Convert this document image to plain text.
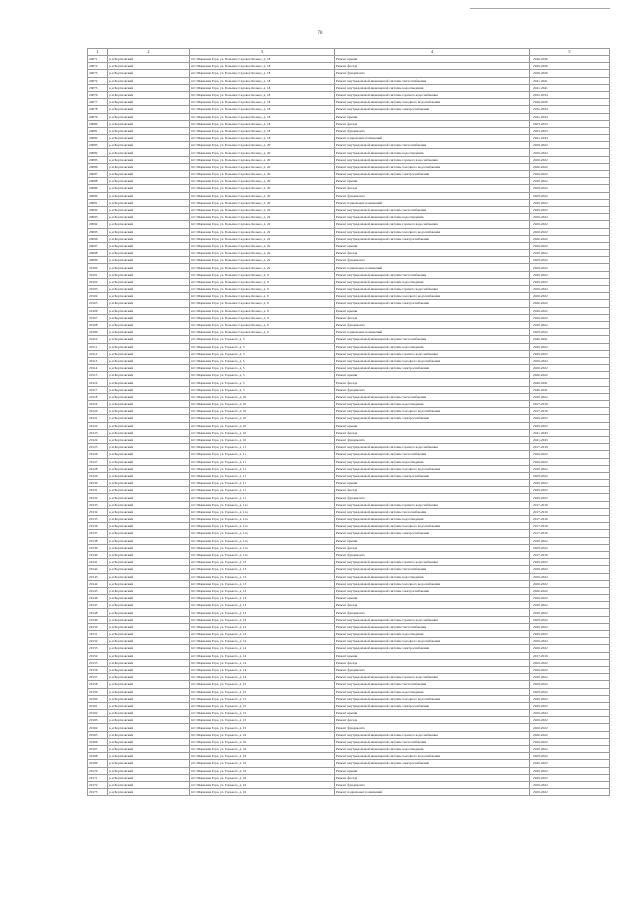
78
1	2	3	4	5
20071	р-н Бортновский	пгт Шарковая Гора, ул. Большое Садовое Кольцо, д. 18	Ремонт крыши	2046-2046
20072	р-н Бортновский	пгт Шарковая Гора, ул. Большое Садовое Кольцо, д. 18	Ремонт фасада	2026-2026
20073	р-н Бортновский	пгт Шарковая Гора, ул. Большое Садовое Кольцо, д. 18	Ремонт фундамента	2026-2026
20074	р-н Бортновский	пгт Шарковая Гора, ул. Большое Садовое Кольцо, д. 18	Ремонт внутридомовой инженерной системы теплоснабжения	2041-2041
20075	р-н Бортновский	пгт Шарковая Гора, ул. Большое Садовое Кольцо, д. 18	Ремонт внутридомовой инженерной системы водоотведения	2041-2041
20076	р-н Бортновский	пгт Шарковая Гора, ул. Большое Садовое Кольцо, д. 18	Ремонт внутридомовой инженерной системы горячего водоснабжения	2032-2034
20077	р-н Бортновский	пгт Шарковая Гора, ул. Большое Садовое Кольцо, д. 18	Ремонт внутридомовой инженерной системы холодного водоснабжения	2026-2026
20078	р-н Бортновский	пгт Шарковая Гора, ул. Большое Садовое Кольцо, д. 18	Ремонт внутридомовой инженерной системы электроснабжения	2032-2034
20079	р-н Бортновский	пгт Шарковая Гора, ул. Большое Садовое Кольцо, д. 18	Ремонт крыши	2041-2043
20080	р-н Бортновский	пгт Шарковая Гора, ул. Большое Садовое Кольцо, д. 18	Ремонт фасада	2023-2023
20081	р-н Бортновский	пгт Шарковая Гора, ул. Большое Садовое Кольцо, д. 18	Ремонт фундамента	2023-2023
20082	р-н Бортновский	пгт Шарковая Гора, ул. Большое Садовое Кольцо, д. 18	Ремонт подвальных помещений	2041-2043
20083	р-н Бортновский	пгт Шарковая Гора, ул. Большое Садовое Кольцо, д. 20	Ремонт внутридомовой инженерной системы теплоснабжения	2020-2022
20084	р-н Бортновский	пгт Шарковая Гора, ул. Большое Садовое Кольцо, д. 20	Ремонт внутридомовой инженерной системы водоотведения	2020-2022
20085	р-н Бортновский	пгт Шарковая Гора, ул. Большое Садовое Кольцо, д. 20	Ремонт внутридомовой инженерной системы горячего водоснабжения	2020-2022
20086	р-н Бортновский	пгт Шарковая Гора, ул. Большое Садовое Кольцо, д. 20	Ремонт внутридомовой инженерной системы холодного водоснабжения	2020-2022
20087	р-н Бортновский	пгт Шарковая Гора, ул. Большое Садовое Кольцо, д. 20	Ремонт внутридомовой инженерной системы электроснабжения	2020-2022
20088	р-н Бортновский	пгт Шарковая Гора, ул. Большое Садовое Кольцо, д. 20	Ремонт крыши	2020-2022
20089	р-н Бортновский	пгт Шарковая Гора, ул. Большое Садовое Кольцо, д. 20	Ремонт фасада	2020-2022
20090	р-н Бортновский	пгт Шарковая Гора, ул. Большое Садовое Кольцо, д. 20	Ремонт фундамента	2020-2022
20091	р-н Бортновский	пгт Шарковая Гора, ул. Большое Садовое Кольцо, д. 20	Ремонт подвальных помещений	2020-2022
20092	р-н Бортновский	пгт Шарковая Гора, ул. Большое Садовое Кольцо, д. 22	Ремонт внутридомовой инженерной системы теплоснабжения	2020-2022
20093	р-н Бортновский	пгт Шарковая Гора, ул. Большое Садовое Кольцо, д. 22	Ремонт внутридомовой инженерной системы водоотведения	2020-2022
20094	р-н Бортновский	пгт Шарковая Гора, ул. Большое Садовое Кольцо, д. 22	Ремонт внутридомовой инженерной системы горячего водоснабжения	2020-2022
20095	р-н Бортновский	пгт Шарковая Гора, ул. Большое Садовое Кольцо, д. 22	Ремонт внутридомовой инженерной системы холодного водоснабжения	2020-2022
20096	р-н Бортновский	пгт Шарковая Гора, ул. Большое Садовое Кольцо, д. 22	Ремонт внутридомовой инженерной системы электроснабжения	2020-2022
20097	р-н Бортновский	пгт Шарковая Гора, ул. Большое Садовое Кольцо, д. 22	Ремонт крыши	2020-2022
20098	р-н Бортновский	пгт Шарковая Гора, ул. Большое Садовое Кольцо, д. 22	Ремонт фасада	2020-2022
20099	р-н Бортновский	пгт Шарковая Гора, ул. Большое Садовое Кольцо, д. 22	Ремонт фундамента	2020-2022
20100	р-н Бортновский	пгт Шарковая Гора, ул. Большое Садовое Кольцо, д. 22	Ремонт подвальных помещений	2020-2022
20101	р-н Бортновский	пгт Шарковая Гора, ул. Большое Садовое Кольцо, д. 9	Ремонт внутридомовой инженерной системы теплоснабжения	2020-2022
20102	р-н Бортновский	пгт Шарковая Гора, ул. Большое Садовое Кольцо, д. 9	Ремонт внутридомовой инженерной системы водоотведения	2020-2022
20103	р-н Бортновский	пгт Шарковая Гора, ул. Большое Садовое Кольцо, д. 9	Ремонт внутридомовой инженерной системы горячего водоснабжения	2020-2022
20104	р-н Бортновский	пгт Шарковая Гора, ул. Большое Садовое Кольцо, д. 9	Ремонт внутридомовой инженерной системы холодного водоснабжения	2020-2022
20105	р-н Бортновский	пгт Шарковая Гора, ул. Большое Садовое Кольцо, д. 9	Ремонт внутридомовой инженерной системы электроснабжения	2020-2022
20106	р-н Бортновский	пгт Шарковая Гора, ул. Большое Садовое Кольцо, д. 9	Ремонт крыши	2020-2022
20107	р-н Бортновский	пгт Шарковая Гора, ул. Большое Садовое Кольцо, д. 9	Ремонт фасада	2020-2022
20108	р-н Бортновский	пгт Шарковая Гора, ул. Большое Садовое Кольцо, д. 9	Ремонт фундамента	2020-2022
20109	р-н Бортновский	пгт Шарковая Гора, ул. Большое Садовое Кольцо, д. 9	Ремонт подвальных помещений	2020-2022
20110	р-н Бортновский	пгт Шарковая Гора, ул. Горького, д. 5	Ремонт внутридомовой инженерной системы теплоснабжения	2040-2041
20111	р-н Бортновский	пгт Шарковая Гора, ул. Горького, д. 5	Ремонт внутридомовой инженерной системы водоотведения	2020-2022
20112	р-н Бортновский	пгт Шарковая Гора, ул. Горького, д. 5	Ремонт внутридомовой инженерной системы горячего водоснабжения	2020-2022
20113	р-н Бортновский	пгт Шарковая Гора, ул. Горького, д. 5	Ремонт внутридомовой инженерной системы холодного водоснабжения	2020-2022
20114	р-н Бортновский	пгт Шарковая Гора, ул. Горького, д. 5	Ремонт внутридомовой инженерной системы электроснабжения	2020-2022
20115	р-н Бортновский	пгт Шарковая Гора, ул. Горького, д. 5	Ремонт крыши	2020-2022
20116	р-н Бортновский	пгт Шарковая Гора, ул. Горького, д. 5	Ремонт фасада	2040-2041
20117	р-н Бортновский	пгт Шарковая Гора, ул. Горького, д. 5	Ремонт фундамента	2040-2041
20118	р-н Бортновский	пгт Шарковая Гора, ул. Горького, д. 10	Ремонт внутридомовой инженерной системы теплоснабжения	2020-2022
20119	р-н Бортновский	пгт Шарковая Гора, ул. Горького, д. 10	Ремонт внутридомовой инженерной системы водоотведения	2017-2019
20120	р-н Бортновский	пгт Шарковая Гора, ул. Горького, д. 10	Ремонт внутридомовой инженерной системы холодного водоснабжения	2017-2019
20121	р-н Бортновский	пгт Шарковая Гора, ул. Горького, д. 10	Ремонт внутридомовой инженерной системы электроснабжения	2020-2022
20122	р-н Бортновский	пгт Шарковая Гора, ул. Горького, д. 10	Ремонт крыши	2020-2022
20123	р-н Бортновский	пгт Шарковая Гора, ул. Горького, д. 10	Ремонт фасада	2041-2043
20124	р-н Бортновский	пгт Шарковая Гора, ул. Горького, д. 10	Ремонт фундамента	2041-2043
20125	р-н Бортновский	пгт Шарковая Гора, ул. Горького, д. 11	Ремонт внутридомовой инженерной системы горячего водоснабжения	2017-2019
20126	р-н Бортновский	пгт Шарковая Гора, ул. Горького, д. 11	Ремонт внутридомовой инженерной системы теплоснабжения	2020-2022
20127	р-н Бортновский	пгт Шарковая Гора, ул. Горького, д. 11	Ремонт внутридомовой инженерной системы водоотведения	2020-2022
20128	р-н Бортновский	пгт Шарковая Гора, ул. Горького, д. 11	Ремонт внутридомовой инженерной системы холодного водоснабжения	2020-2022
20129	р-н Бортновский	пгт Шарковая Гора, ул. Горького, д. 11	Ремонт внутридомовой инженерной системы электроснабжения	2020-2022
20130	р-н Бортновский	пгт Шарковая Гора, ул. Горького, д. 11	Ремонт крыши	2020-2022
20131	р-н Бортновский	пгт Шарковая Гора, ул. Горького, д. 11	Ремонт фасада	2020-2022
20132	р-н Бортновский	пгт Шарковая Гора, ул. Горького, д. 11	Ремонт фундамента	2020-2022
20133	р-н Бортновский	пгт Шарковая Гора, ул. Горького, д. 11а	Ремонт внутридомовой инженерной системы горячего водоснабжения	2017-2019
20134	р-н Бортновский	пгт Шарковая Гора, ул. Горького, д. 11а	Ремонт внутридомовой инженерной системы теплоснабжения	2017-2019
20135	р-н Бортновский	пгт Шарковая Гора, ул. Горького, д. 11а	Ремонт внутридомовой инженерной системы водоотведения	2017-2019
20136	р-н Бортновский	пгт Шарковая Гора, ул. Горького, д. 11а	Ремонт внутридомовой инженерной системы холодного водоснабжения	2017-2019
20137	р-н Бортновский	пгт Шарковая Гора, ул. Горького, д. 11а	Ремонт внутридомовой инженерной системы электроснабжения	2017-2019
20138	р-н Бортновский	пгт Шарковая Гора, ул. Горького, д. 11а	Ремонт крыши	2020-2022
20139	р-н Бортновский	пгт Шарковая Гора, ул. Горького, д. 11а	Ремонт фасада	2020-2022
20140	р-н Бортновский	пгт Шарковая Гора, ул. Горького, д. 11а	Ремонт фундамента	2017-2019
20141	р-н Бортновский	пгт Шарковая Гора, ул. Горького, д. 13	Ремонт внутридомовой инженерной системы горячего водоснабжения	2020-2022
20142	р-н Бортновский	пгт Шарковая Гора, ул. Горького, д. 13	Ремонт внутридомовой инженерной системы теплоснабжения	2020-2022
20143	р-н Бортновский	пгт Шарковая Гора, ул. Горького, д. 13	Ремонт внутридомовой инженерной системы водоотведения	2020-2022
20144	р-н Бортновский	пгт Шарковая Гора, ул. Горького, д. 13	Ремонт внутридомовой инженерной системы холодного водоснабжения	2020-2022
20145	р-н Бортновский	пгт Шарковая Гора, ул. Горького, д. 13	Ремонт внутридомовой инженерной системы электроснабжения	2020-2022
20146	р-н Бортновский	пгт Шарковая Гора, ул. Горького, д. 13	Ремонт крыши	2020-2022
20147	р-н Бортновский	пгт Шарковая Гора, ул. Горького, д. 13	Ремонт фасада	2020-2022
20148	р-н Бортновский	пгт Шарковая Гора, ул. Горького, д. 13	Ремонт фундамента	2020-2022
20149	р-н Бортновский	пгт Шарковая Гора, ул. Горького, д. 13	Ремонт внутридомовой инженерной системы горячего водоснабжения	2020-2022
20150	р-н Бортновский	пгт Шарковая Гора, ул. Горького, д. 14	Ремонт внутридомовой инженерной системы теплоснабжения	2020-2022
20151	р-н Бортновский	пгт Шарковая Гора, ул. Горького, д. 14	Ремонт внутридомовой инженерной системы водоотведения	2020-2022
20152	р-н Бортновский	пгт Шарковая Гора, ул. Горького, д. 14	Ремонт внутридомовой инженерной системы холодного водоснабжения	2020-2022
20153	р-н Бортновский	пгт Шарковая Гора, ул. Горького, д. 14	Ремонт внутридомовой инженерной системы электроснабжения	2020-2022
20154	р-н Бортновский	пгт Шарковая Гора, ул. Горького, д. 14	Ремонт крыши	2017-2019
20155	р-н Бортновский	пгт Шарковая Гора, ул. Горького, д. 14	Ремонт фасада	2020-2022
20156	р-н Бортновский	пгт Шарковая Гора, ул. Горького, д. 14	Ремонт фундамента	2020-2022
20157	р-н Бортновский	пгт Шарковая Гора, ул. Горького, д. 14	Ремонт внутридомовой инженерной системы горячего водоснабжения	2020-2022
20158	р-н Бортновский	пгт Шарковая Гора, ул. Горького, д. 15	Ремонт внутридомовой инженерной системы теплоснабжения	2020-2022
20159	р-н Бортновский	пгт Шарковая Гора, ул. Горького, д. 15	Ремонт внутридомовой инженерной системы водоотведения	2020-2022
20160	р-н Бортновский	пгт Шарковая Гора, ул. Горького, д. 15	Ремонт внутридомовой инженерной системы холодного водоснабжения	2020-2022
20161	р-н Бортновский	пгт Шарковая Гора, ул. Горького, д. 15	Ремонт внутридомовой инженерной системы электроснабжения	2020-2022
20162	р-н Бортновский	пгт Шарковая Гора, ул. Горького, д. 15	Ремонт крыши	2020-2022
20163	р-н Бортновский	пгт Шарковая Гора, ул. Горького, д. 15	Ремонт фасада	2020-2022
20164	р-н Бортновский	пгт Шарковая Гора, ул. Горького, д. 15	Ремонт фундамента	2020-2022
20165	р-н Бортновский	пгт Шарковая Гора, ул. Горького, д. 16	Ремонт внутридомовой инженерной системы горячего водоснабжения	2020-2022
20166	р-н Бортновский	пгт Шарковая Гора, ул. Горького, д. 16	Ремонт внутридомовой инженерной системы теплоснабжения	2020-2022
20167	р-н Бортновский	пгт Шарковая Гора, ул. Горького, д. 16	Ремонт внутридомовой инженерной системы водоотведения	2020-2022
20168	р-н Бортновский	пгт Шарковая Гора, ул. Горького, д. 16	Ремонт внутридомовой инженерной системы холодного водоснабжения	2020-2022
20169	р-н Бортновский	пгт Шарковая Гора, ул. Горького, д. 16	Ремонт внутридомовой инженерной системы электроснабжения	2020-2022
20170	р-н Бортновский	пгт Шарковая Гора, ул. Горького, д. 16	Ремонт крыши	2020-2022
20171	р-н Бортновский	пгт Шарковая Гора, ул. Горького, д. 16	Ремонт фасада	2020-2022
20172	р-н Бортновский	пгт Шарковая Гора, ул. Горького, д. 16	Ремонт фундамента	2020-2022
20173	р-н Бортновский	пгт Шарковая Гора, ул. Горького, д. 16	Ремонт подвальных помещений	2020-2022
